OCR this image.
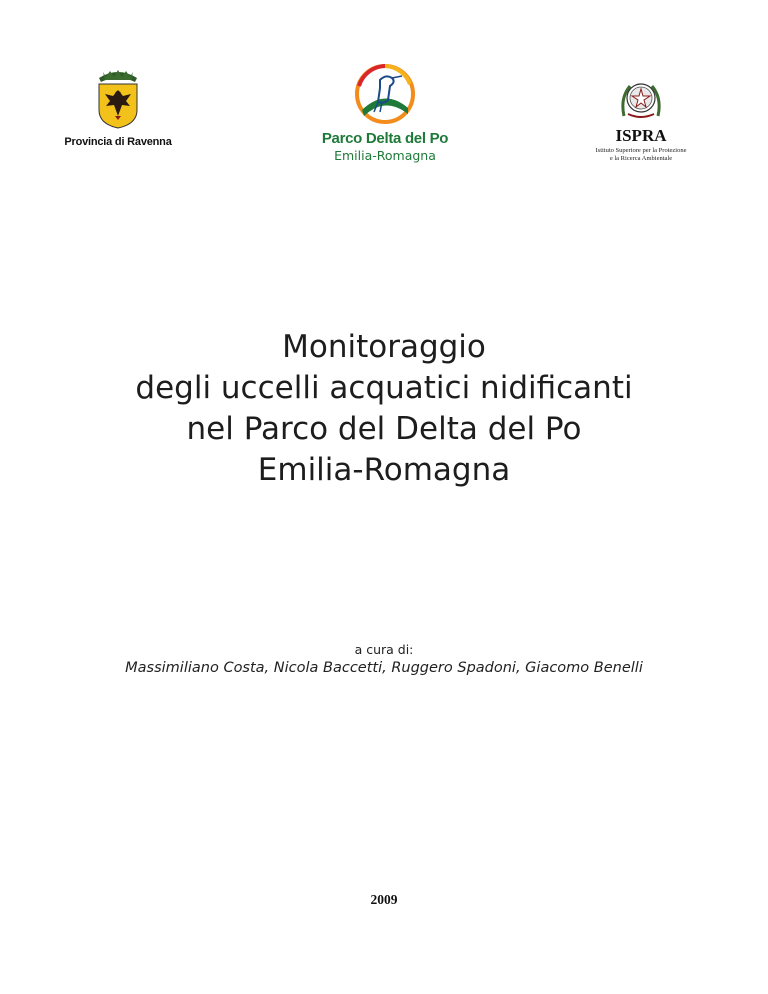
Provincia di Ravenna	Parco Delta del Po
Emilia-Romagna
ISPRA
Istituto Superiore per la Protezione
e la Ricerca Ambientale
Monitoraggio
degli uccelli acquatici nidificanti
nel Parco del Delta del Po
Emilia-Romagna
a cura di:
Massimiliano Costa, Nicola Baccetti, Ruggero Spadoni, Giacomo Benelli
2009
